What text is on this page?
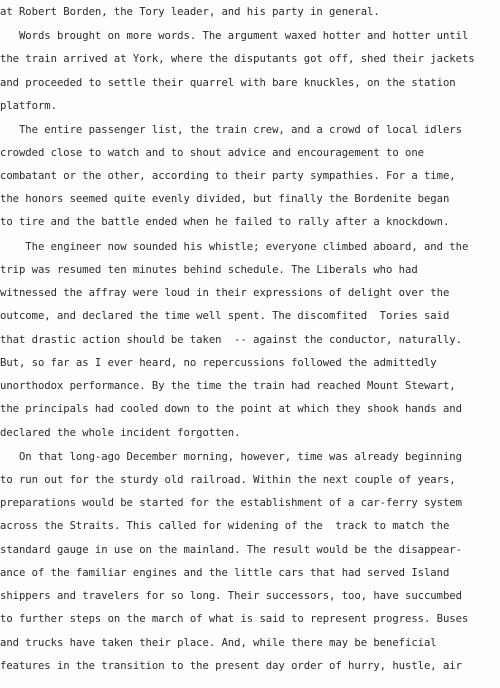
at Robert Borden, the Tory leader, and his party in general.
Words brought on more words. The argument waxed hotter and hotter until
the train arrived at York, where the disputants got off, shed their jackets
and proceeded to settle their quarrel with bare knuckles, on the station
platform.
The entire passenger list, the train crew, and a crowd of local idlers
crowded close to watch and to shout advice and encouragement to one
combatant or the other, according to their party sympathies. For a time,
the honors seemed quite evenly divided, but finally the Bordenite began
to tire and the battle ended when he failed to rally after a knockdown.
The engineer now sounded his whistle; everyone climbed aboard, and the
trip was resumed ten minutes behind schedule. The Liberals who had
witnessed the affray were loud in their expressions of delight over the
outcome, and declared the time well spent. The discomfited  Tories said
that drastic action should be taken  -- against the conductor, naturally.
But, so far as I ever heard, no repercussions followed the admittedly
unorthodox performance. By the time the train had reached Mount Stewart,
the principals had cooled down to the point at which they shook hands and
declared the whole incident forgotten.
On that long-ago December morning, however, time was already beginning
to run out for the sturdy old railroad. Within the next couple of years,
preparations would be started for the establishment of a car-ferry system
across the Straits. This called for widening of the  track to match the
standard gauge in use on the mainland. The result would be the disappear-
ance of the familiar engines and the little cars that had served Island
shippers and travelers for so long. Their successors, too, have succumbed
to further steps on the march of what is said to represent progress. Buses
and trucks have taken their place. And, while there may be beneficial
features in the transition to the present day order of hurry, hustle, air
